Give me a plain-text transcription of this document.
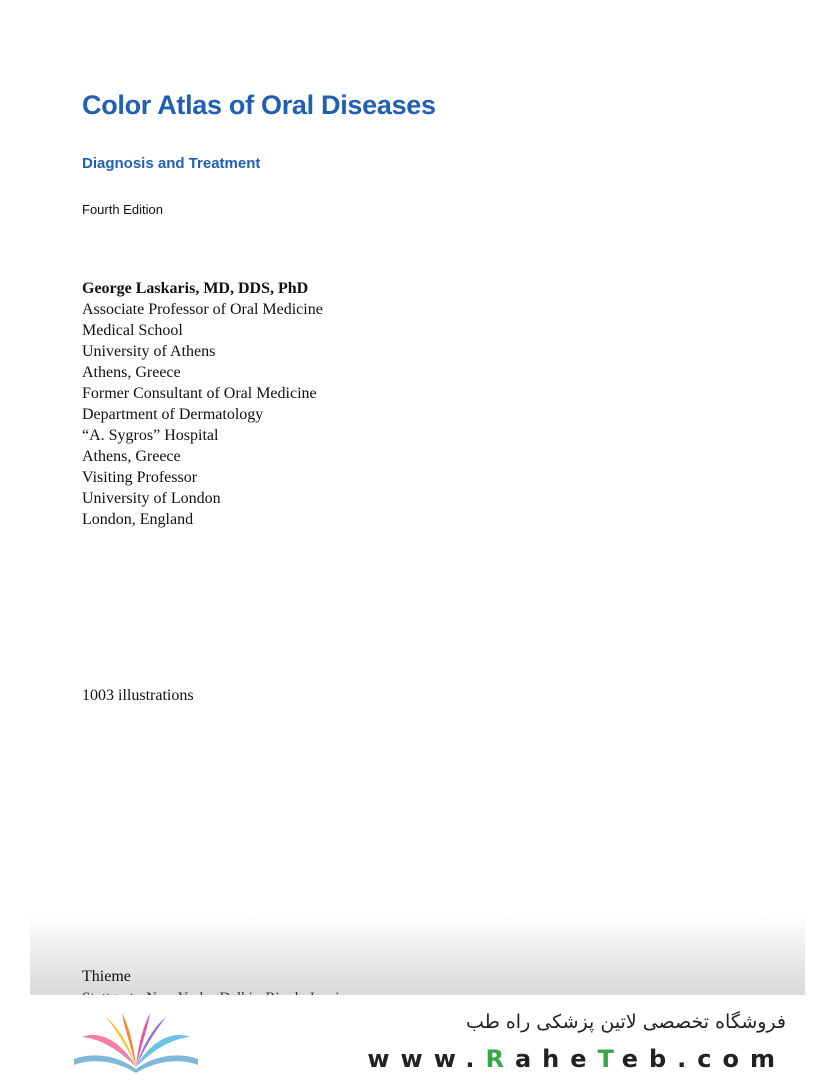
Color Atlas of Oral Diseases
Diagnosis and Treatment
Fourth Edition
George Laskaris, MD, DDS, PhD
Associate Professor of Oral Medicine
Medical School
University of Athens
Athens, Greece
Former Consultant of Oral Medicine
Department of Dermatology
“A. Sygros” Hospital
Athens, Greece
Visiting Professor
University of London
London, England
1003 illustrations
Thieme
فروشگاه تخصصی لاتین پزشکی راه طب
www.RaheTeb.com
